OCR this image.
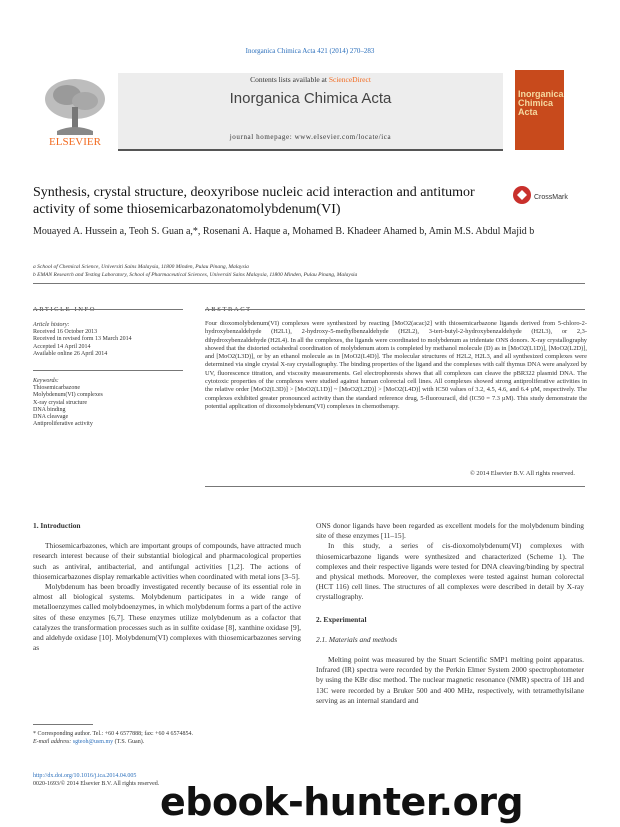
Inorganica Chimica Acta 421 (2014) 270–283
ELSEVIER
Contents lists available at ScienceDirect
Inorganica Chimica Acta
journal homepage: www.elsevier.com/locate/ica
Inorganica Chimica Acta
Synthesis, crystal structure, deoxyribose nucleic acid interaction and antitumor activity of some thiosemicarbazonatomolybdenum(VI)
CrossMark
Mouayed A. Hussein a, Teoh S. Guan a,*, Rosenani A. Haque a, Mohamed B. Khadeer Ahamed b, Amin M.S. Abdul Majid b
a School of Chemical Science, Universiti Sains Malaysia, 11800 Minden, Pulau Pinang, Malaysia
b EMAN Research and Testing Laboratory, School of Pharmaceutical Sciences, Universiti Sains Malaysia, 11800 Minden, Pulau Pinang, Malaysia
ARTICLE INFO	ABSTRACT
Article history:
Received 16 October 2013
Received in revised form 13 March 2014
Accepted 14 April 2014
Available online 26 April 2014
Keywords:
Thiosemicarbazone
Molybdenum(VI) complexes
X-ray crystal structure
DNA binding
DNA cleavage
Antiproliferative activity
Four dioxomolybdenum(VI) complexes were synthesized by reacting [MoO2(acac)2] with thiosemicarbazone ligands derived from 5-chloro-2-hydroxybenzaldehyde (H2L1), 2-hydroxy-5-methylbenzaldehyde (H2L2), 3-tert-butyl-2-hydroxybenzaldehyde (H2L3), or 2,3-dihydroxybenzaldehyde (H2L4). In all the complexes, the ligands were coordinated to molybdenum as tridentate ONS donors. X-ray crystallography showed that the distorted octahedral coordination of molybdenum atom is completed by methanol molecule (D) as in [MoO2(L1D)], [MoO2(L2D)], and [MoO2(L3D)], or by an ethanol molecule as in [MoO2(L4D)]. The molecular structures of H2L2, H2L3, and all synthesized complexes were determined via single crystal X-ray crystallography. The binding properties of the ligand and the complexes with calf thymus DNA were analyzed by UV, fluorescence titration, and viscosity measurements. Gel electrophoresis shows that all complexes can cleave the pBR322 plasmid DNA. The cytotoxic properties of the complexes were studied against human colorectal cell lines. All complexes showed strong antiproliferative activities in the relative order [MoO2(L3D)] > [MoO2(L1D)] ~ [MoO2(L2D)] > [MoO2(L4D)] with IC50 values of 3.2, 4.5, 4.6, and 6.4 µM, respectively. The complexes exhibited greater pronounced activity than the standard reference drug, 5-fluorouracil, did (IC50 = 7.3 µM). This study demonstrate the potential application of dioxomolybdenum(VI) complexes in chemotherapy.
© 2014 Elsevier B.V. All rights reserved.

1. Introduction

Thiosemicarbazones, which are important groups of compounds, have attracted much research interest because of their substantial biological and pharmacological properties such as antiviral, antibacterial, and antifungal activities [1,2]. The actions of thiosemicarbazones display remarkable activities when coordinated with metal ions [3–5].

Molybdenum has been broadly investigated recently because of its essential role in almost all biological systems. Molybdenum participates in a wide range of metalloenzymes called molybdoenzymes, in which molybdenum forms a part of the active sites of these enzymes [6,7]. These enzymes utilize molybdenum as a cofactor that catalyzes the transformation processes such as in sulfite oxidase [8], xanthine oxidase [9], and aldehyde oxidase [10]. Molybdenum(VI) complexes with thiosemicarbazones serving as

ONS donor ligands have been regarded as excellent models for the molybdenum binding site of these enzymes [11–15].

In this study, a series of cis-dioxomolybdenum(VI) complexes with thiosemicarbazone ligands were synthesized and characterized (Scheme 1). The complexes and their respective ligands were tested for DNA cleaving/binding by spectral and physical methods. Moreover, the complexes were tested against human colorectal (HCT 116) cell lines. The structures of all complexes were described in detail by X-ray crystallography.

2. Experimental

2.1. Materials and methods

Melting point was measured by the Stuart Scientific SMP1 melting point apparatus. Infrared (IR) spectra were recorded by the Perkin Elmer System 2000 spectrophotometer by using the KBr disc method. The nuclear magnetic resonance (NMR) spectra of 1H and 13C were recorded by a Bruker 500 and 400 MHz, respectively, with tetramethylsilane serving as an internal standard and

* Corresponding author. Tel.: +60 4 6577888; fax: +60 4 6574854.
E-mail address: sgteoh@usm.my (T.S. Guan).
http://dx.doi.org/10.1016/j.ica.2014.04.005
0020-1693/© 2014 Elsevier B.V. All rights reserved. ebook-hunter.org
